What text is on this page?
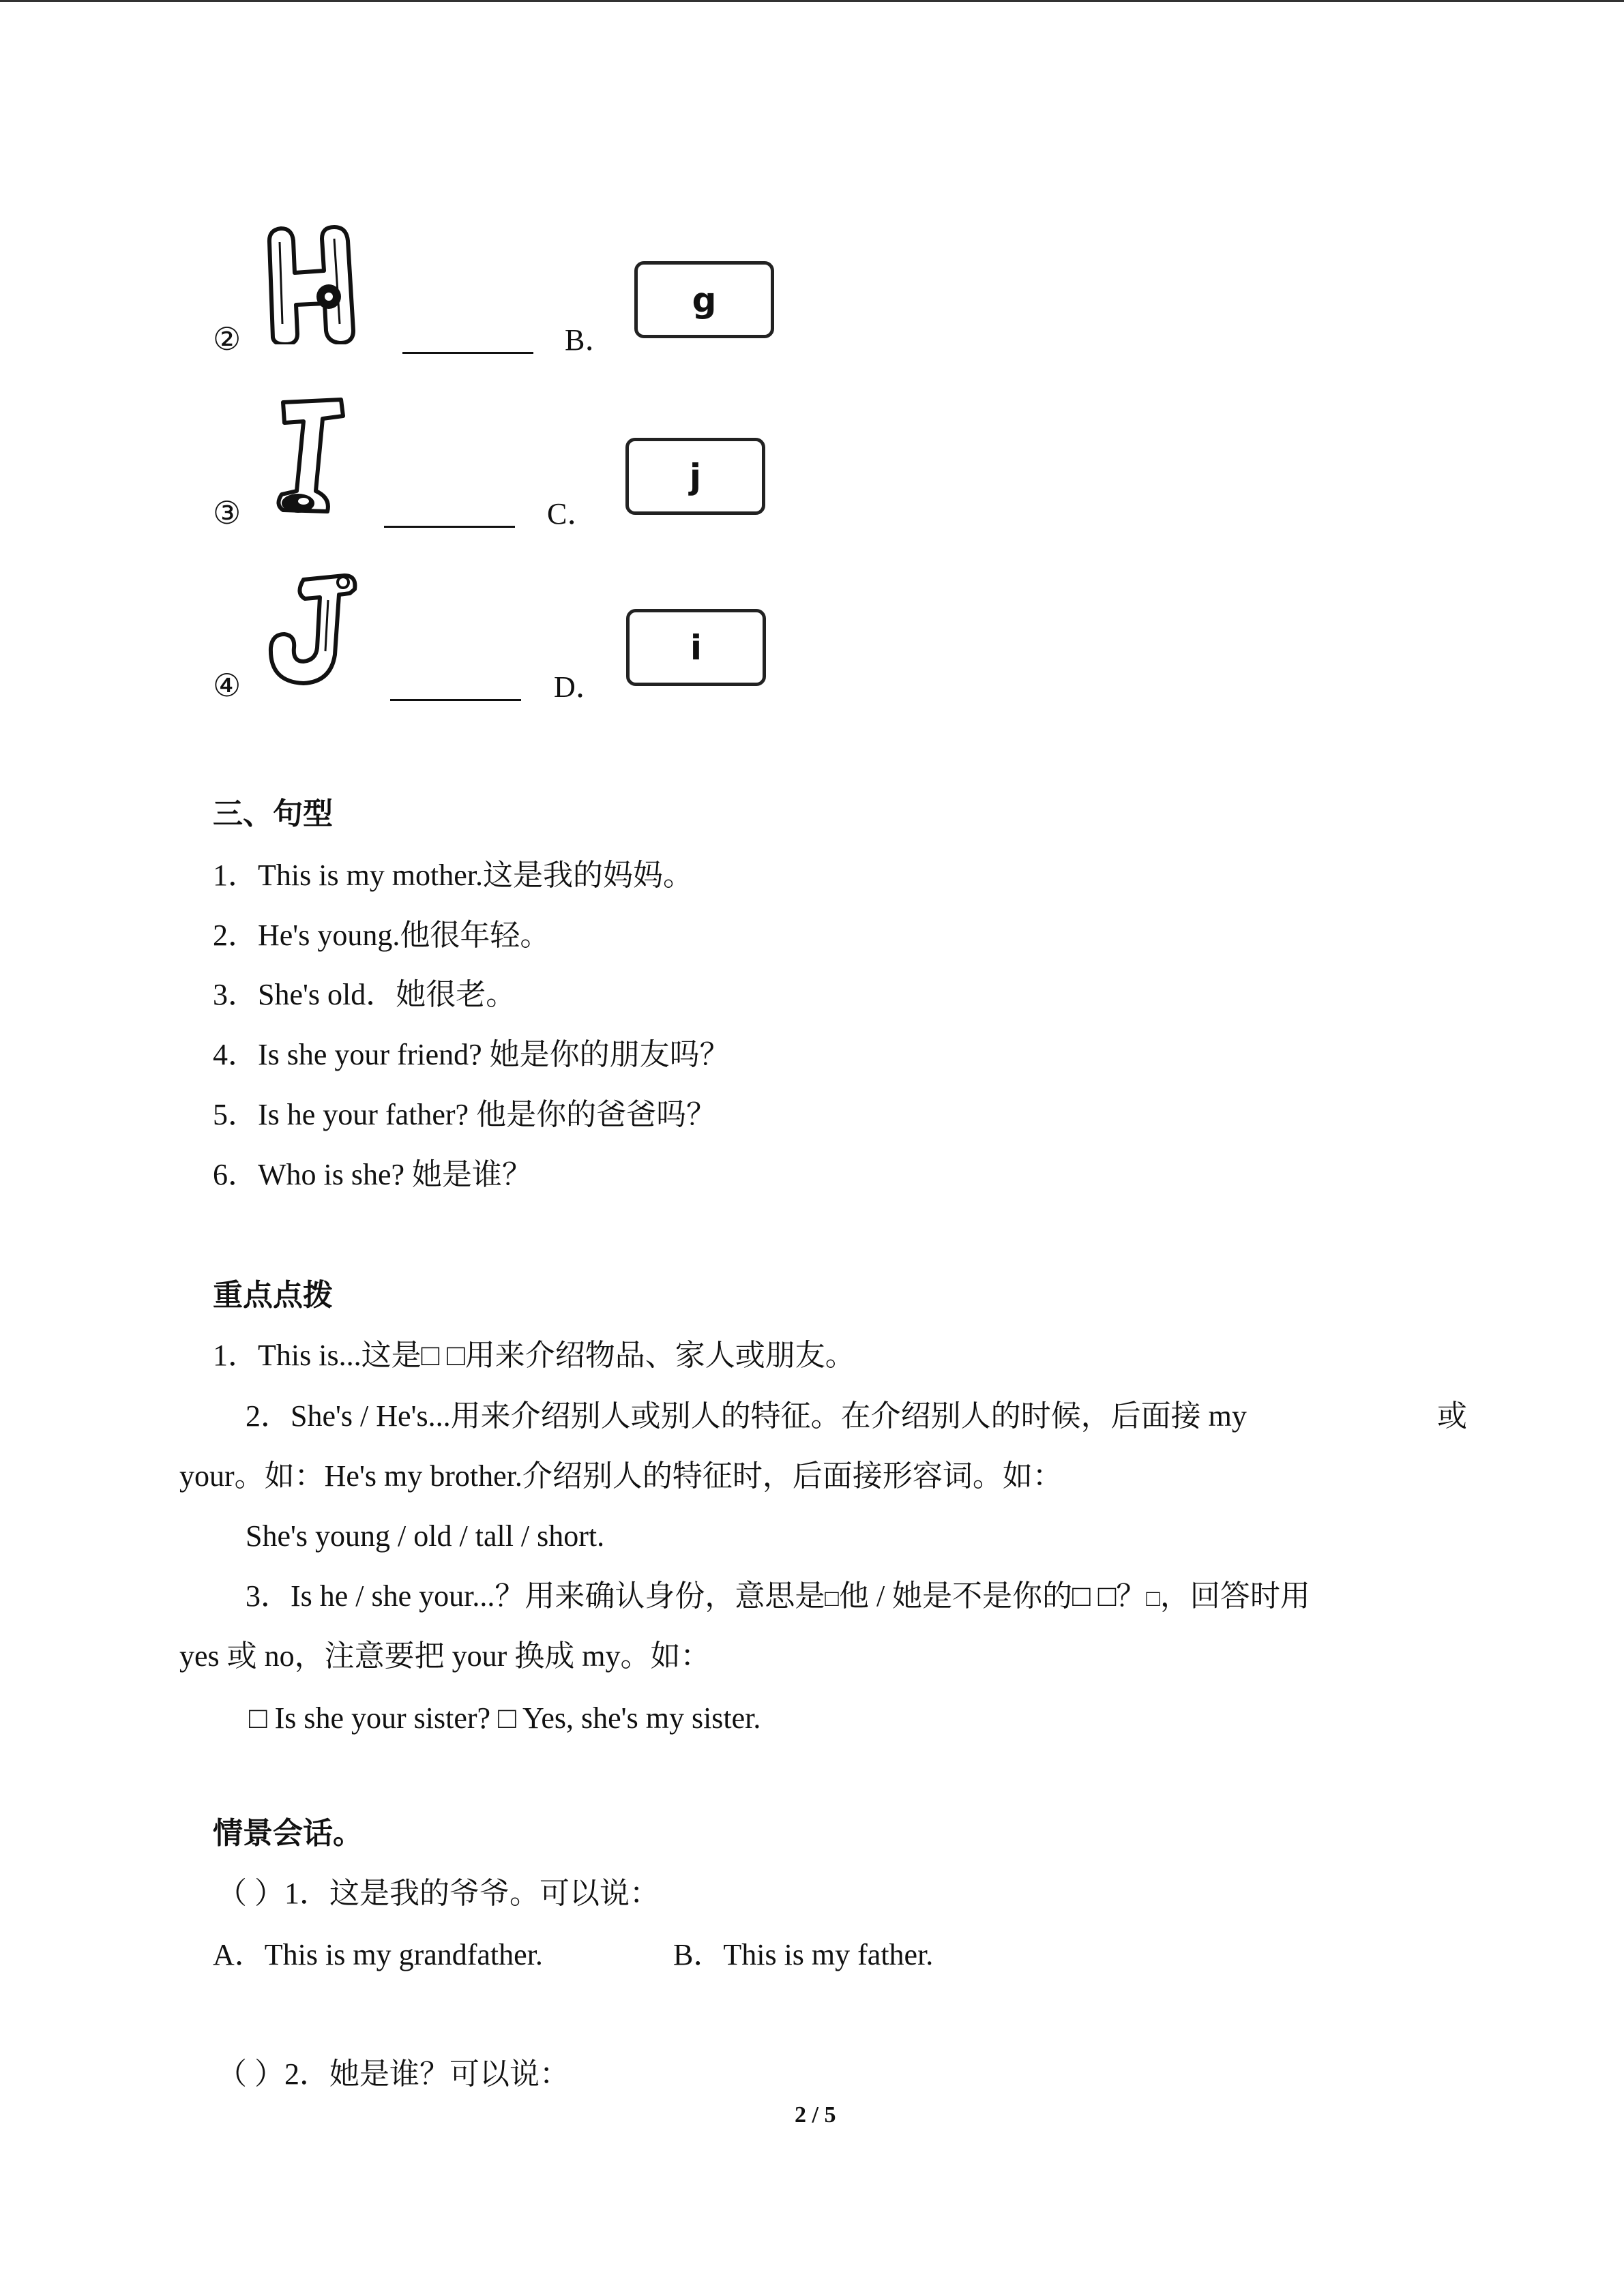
②	B．
g
③	C．
j
④	D．
i
三、句型
1．This is my mother.这是我的妈妈。
2．He's young.他很年轻。
3．She's old．她很老。
4．Is she your friend? 她是你的朋友吗？
5．Is he your father? 他是你的爸爸吗？
6．Who is she? 她是谁？
重点点拨
1．This is...这是□ □用来介绍物品、家人或朋友。
2．She's / He's...用来介绍别人或别人的特征。在介绍别人的时候，后面接 my	或
your。如：He's my brother.介绍别人的特征时，后面接形容词。如：
She's young / old / tall / short.
3．Is he / she your...？用来确认身份，意思是□他 / 她是不是你的□ □？□，回答时用
yes 或 no，注意要把 your 换成 my。如：
□ Is she your sister? □ Yes, she's my sister.
情景会话。
（ ）1．这是我的爷爷。可以说：
A．This is my grandfather.	B．This is my father.
（ ）2．她是谁？可以说：
2 / 5
